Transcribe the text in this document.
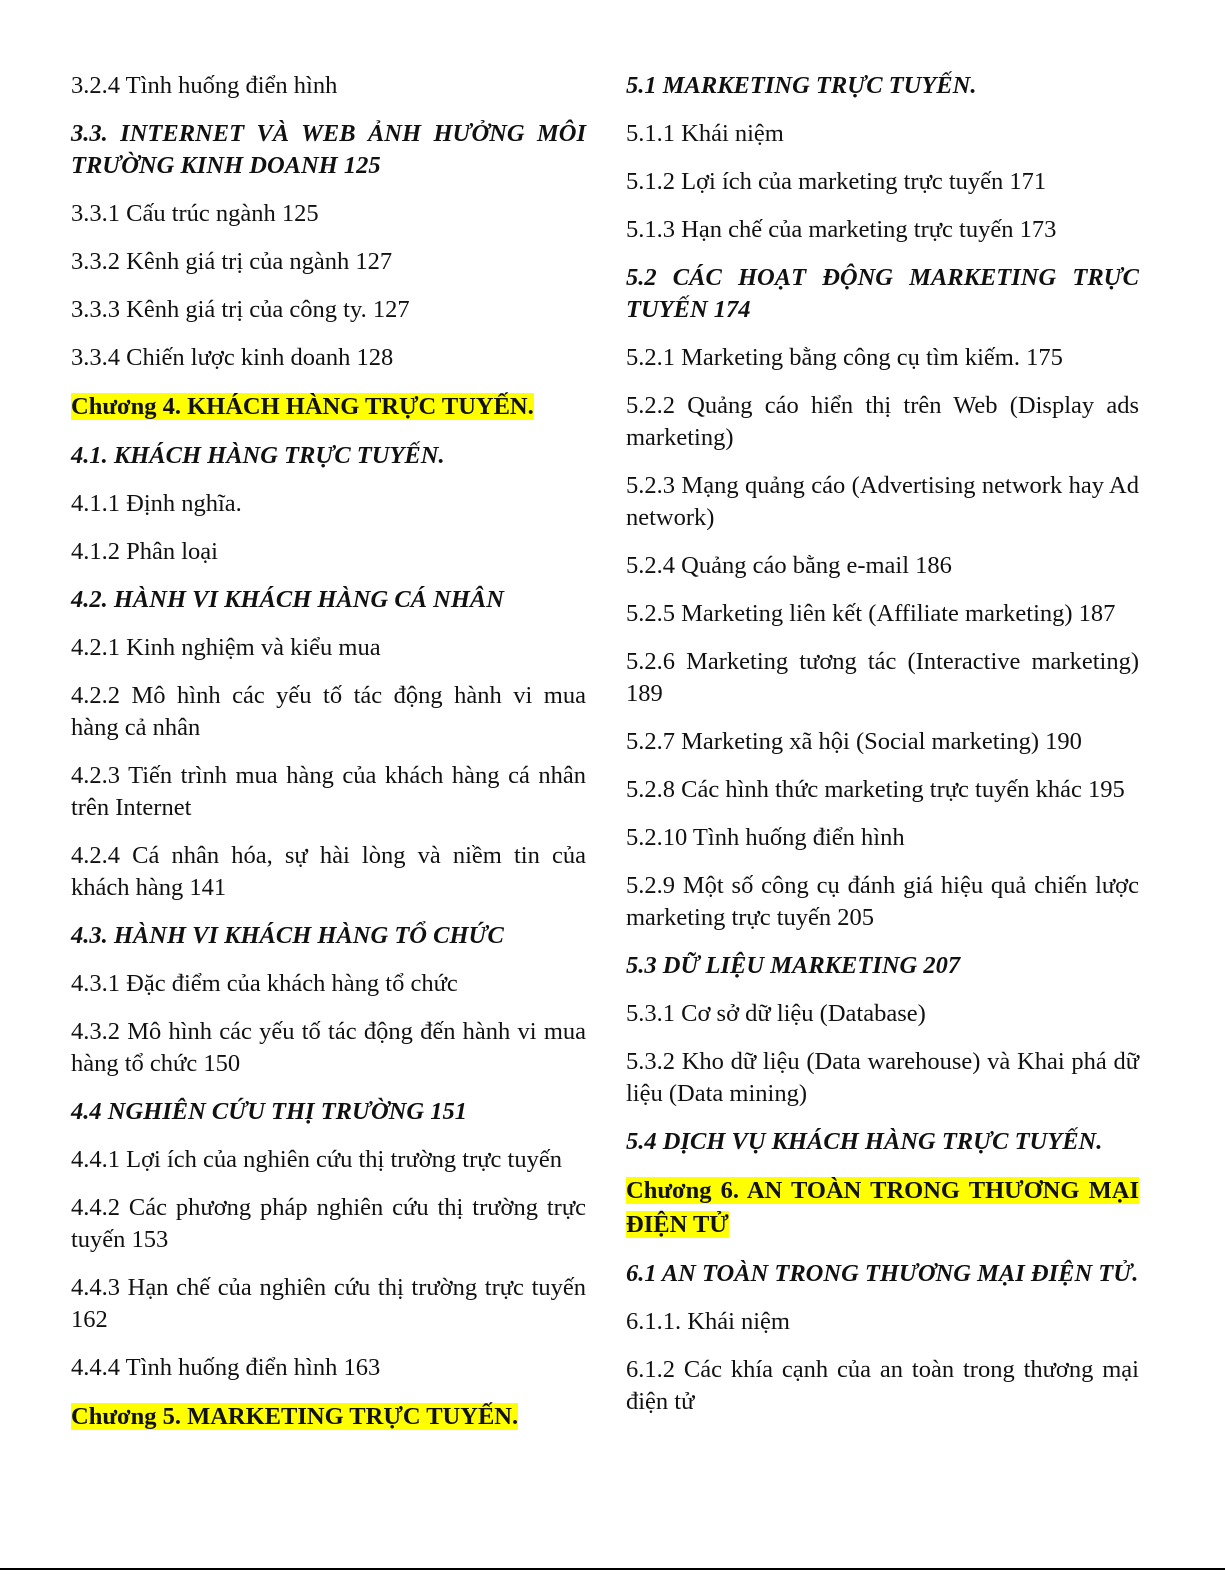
3.2.4 Tình huống điển hình

3.3. INTERNET VÀ WEB ẢNH HƯỞNG MÔI TRƯỜNG KINH DOANH 125

3.3.1 Cấu trúc ngành 125

3.3.2 Kênh giá trị của ngành 127

3.3.3 Kênh giá trị của công ty. 127

3.3.4 Chiến lược kinh doanh 128

Chương 4. KHÁCH HÀNG TRỰC TUYẾN.

4.1. KHÁCH HÀNG TRỰC TUYẾN.

4.1.1 Định nghĩa.

4.1.2 Phân loại

4.2. HÀNH VI KHÁCH HÀNG CÁ NHÂN

4.2.1 Kinh nghiệm và kiểu mua

4.2.2 Mô hình các yếu tố tác động hành vi mua hàng cả nhân

4.2.3 Tiến trình mua hàng của khách hàng cá nhân trên Internet

4.2.4 Cá nhân hóa, sự hài lòng và niềm tin của khách hàng 141

4.3. HÀNH VI KHÁCH HÀNG TỔ CHỨC

4.3.1 Đặc điểm của khách hàng tổ chức

4.3.2 Mô hình các yếu tố tác động đến hành vi mua hàng tổ chức 150

4.4 NGHIÊN CỨU THỊ TRƯỜNG 151

4.4.1 Lợi ích của nghiên cứu thị trường trực tuyến

4.4.2 Các phương pháp nghiên cứu thị trường trực tuyến 153

4.4.3 Hạn chế của nghiên cứu thị trường trực tuyến 162

4.4.4 Tình huống điển hình 163

Chương 5. MARKETING TRỰC TUYẾN.

5.1 MARKETING TRỰC TUYẾN.

5.1.1 Khái niệm

5.1.2 Lợi ích của marketing trực tuyến 171

5.1.3 Hạn chế của marketing trực tuyến 173

5.2 CÁC HOẠT ĐỘNG MARKETING TRỰC TUYẾN 174

5.2.1 Marketing bằng công cụ tìm kiếm. 175

5.2.2 Quảng cáo hiển thị trên Web (Display ads marketing)

5.2.3 Mạng quảng cáo (Advertising network hay Ad network)

5.2.4 Quảng cáo bằng e-mail 186

5.2.5 Marketing liên kết (Affiliate marketing) 187

5.2.6 Marketing tương tác (Interactive marketing) 189

5.2.7 Marketing xã hội (Social marketing) 190

5.2.8 Các hình thức marketing trực tuyến khác 195

5.2.10 Tình huống điển hình

5.2.9 Một số công cụ đánh giá hiệu quả chiến lược marketing trực tuyến 205

5.3 DỮ LIỆU MARKETING 207

5.3.1 Cơ sở dữ liệu (Database)

5.3.2 Kho dữ liệu (Data warehouse) và Khai phá dữ liệu (Data mining)

5.4 DỊCH VỤ KHÁCH HÀNG TRỰC TUYẾN.

Chương 6. AN TOÀN TRONG THƯƠNG MẠI ĐIỆN TỬ

6.1 AN TOÀN TRONG THƯƠNG MẠI ĐIỆN TỬ.

6.1.1. Khái niệm

6.1.2 Các khía cạnh của an toàn trong thương mại điện tử
